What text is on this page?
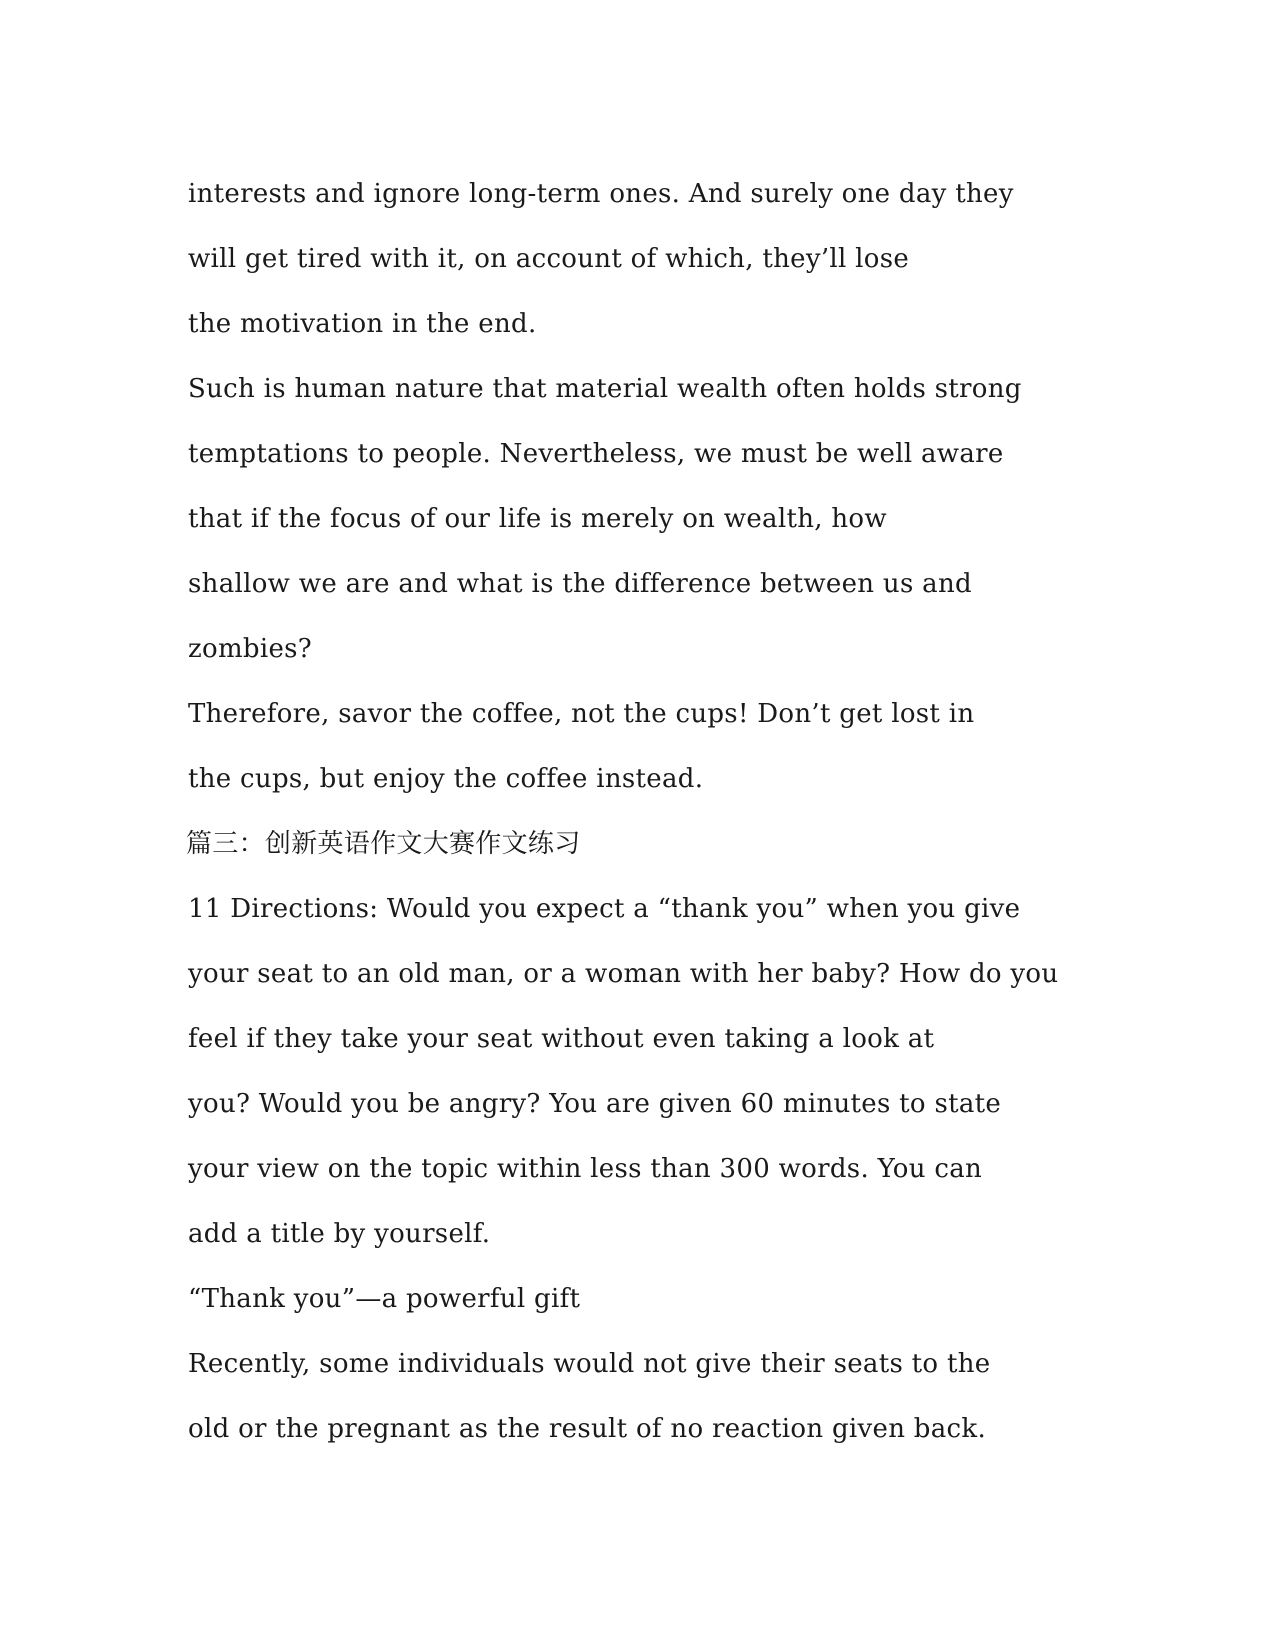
interests and ignore long-term ones. And surely one day they
will get tired with it, on account of which, they’ll lose
the motivation in the end.
Such is human nature that material wealth often holds strong
temptations to people. Nevertheless, we must be well aware
that if the focus of our life is merely on wealth, how
shallow we are and what is the difference between us and
zombies?
Therefore, savor the coffee, not the cups! Don’t get lost in
the cups, but enjoy the coffee instead.
篇三：创新英语作文大赛作文练习
11 Directions: Would you expect a “thank you” when you give
your seat to an old man, or a woman with her baby? How do you
feel if they take your seat without even taking a look at
you? Would you be angry? You are given 60 minutes to state
your view on the topic within less than 300 words. You can
add a title by yourself.
“Thank you”—a powerful gift
Recently, some individuals would not give their seats to the
old or the pregnant as the result of no reaction given back.
